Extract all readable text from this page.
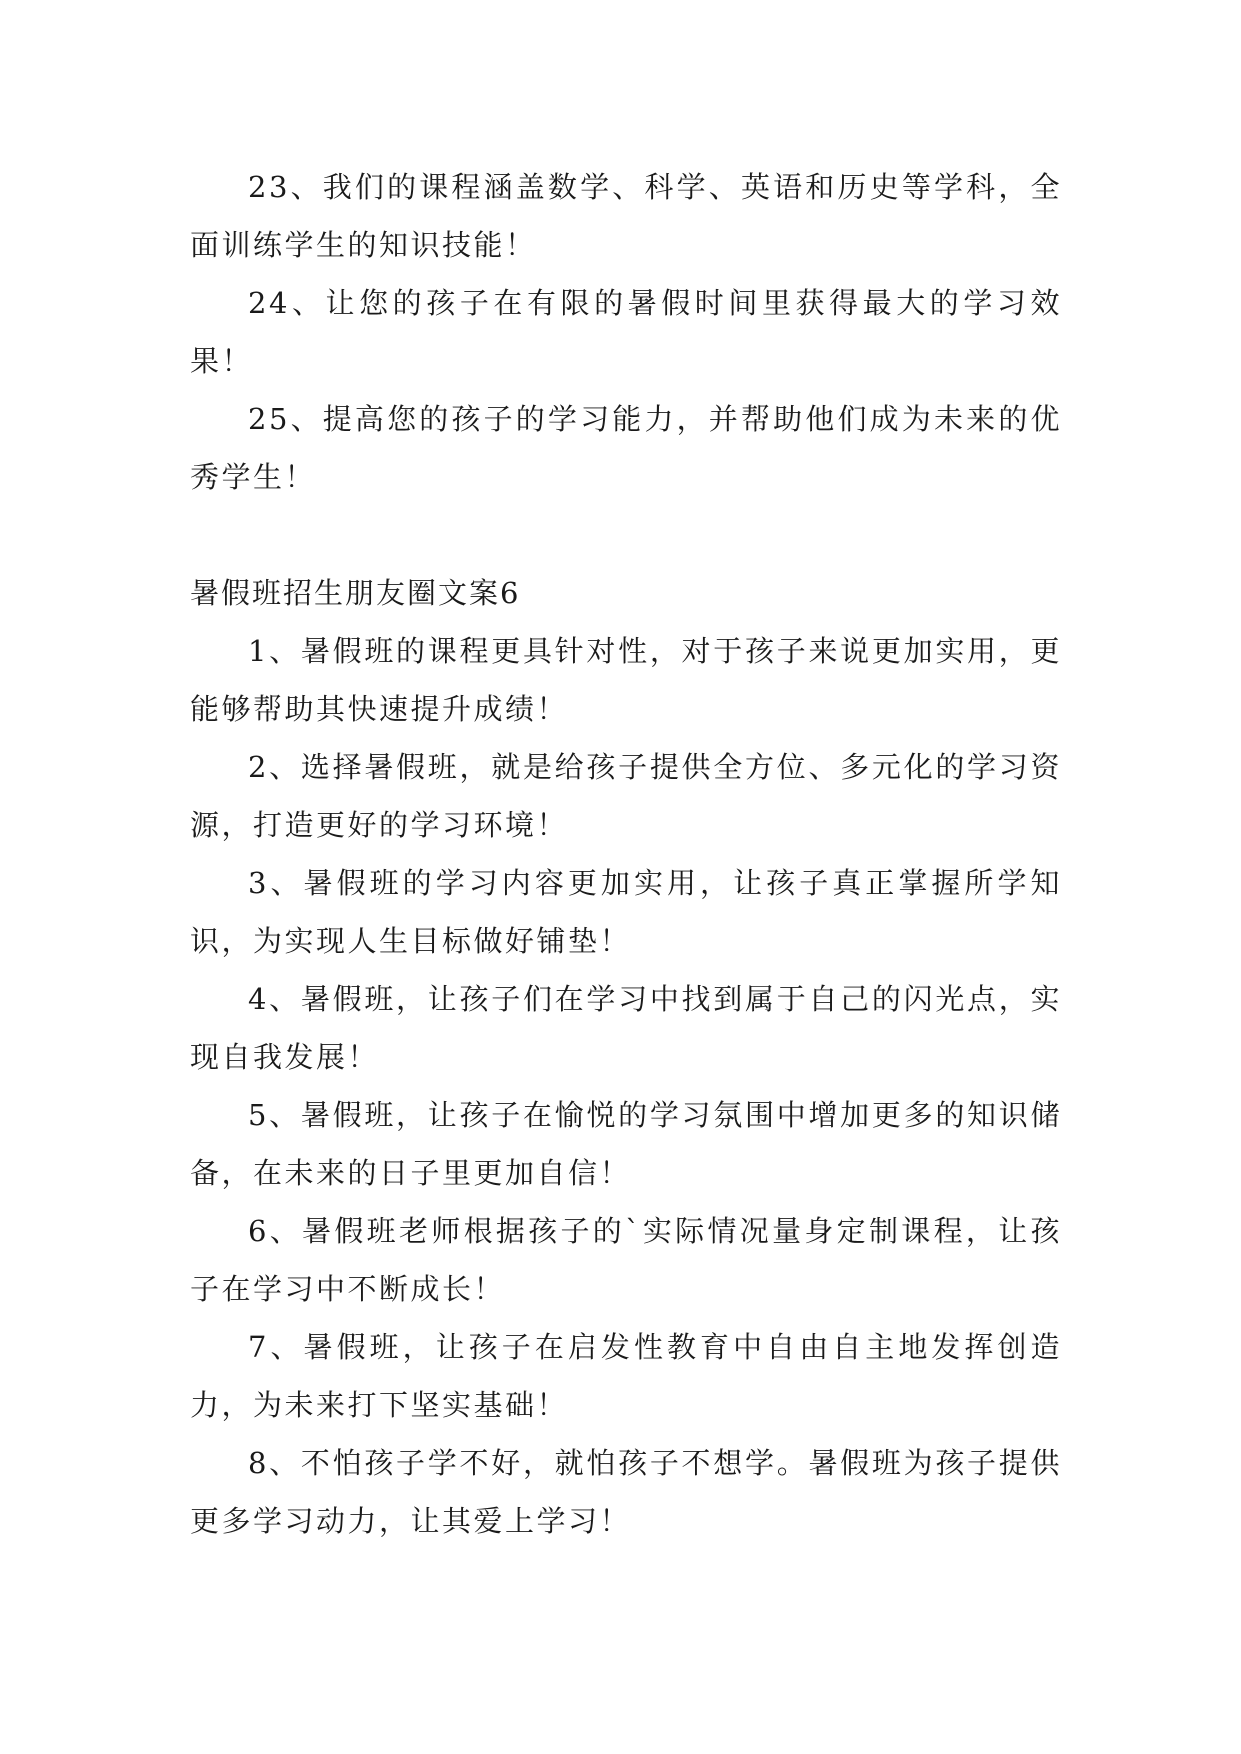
23、我们的课程涵盖数学、科学、英语和历史等学科，全面训练学生的知识技能！

24、让您的孩子在有限的暑假时间里获得最大的学习效果！

25、提高您的孩子的学习能力，并帮助他们成为未来的优秀学生！

暑假班招生朋友圈文案6

1、暑假班的课程更具针对性，对于孩子来说更加实用，更能够帮助其快速提升成绩！

2、选择暑假班，就是给孩子提供全方位、多元化的学习资源，打造更好的学习环境！

3、暑假班的学习内容更加实用，让孩子真正掌握所学知识，为实现人生目标做好铺垫！

4、暑假班，让孩子们在学习中找到属于自己的闪光点，实现自我发展！

5、暑假班，让孩子在愉悦的学习氛围中增加更多的知识储备，在未来的日子里更加自信！

6、暑假班老师根据孩子的`实际情况量身定制课程，让孩子在学习中不断成长！

7、暑假班，让孩子在启发性教育中自由自主地发挥创造力，为未来打下坚实基础！

8、不怕孩子学不好，就怕孩子不想学。暑假班为孩子提供更多学习动力，让其爱上学习！
